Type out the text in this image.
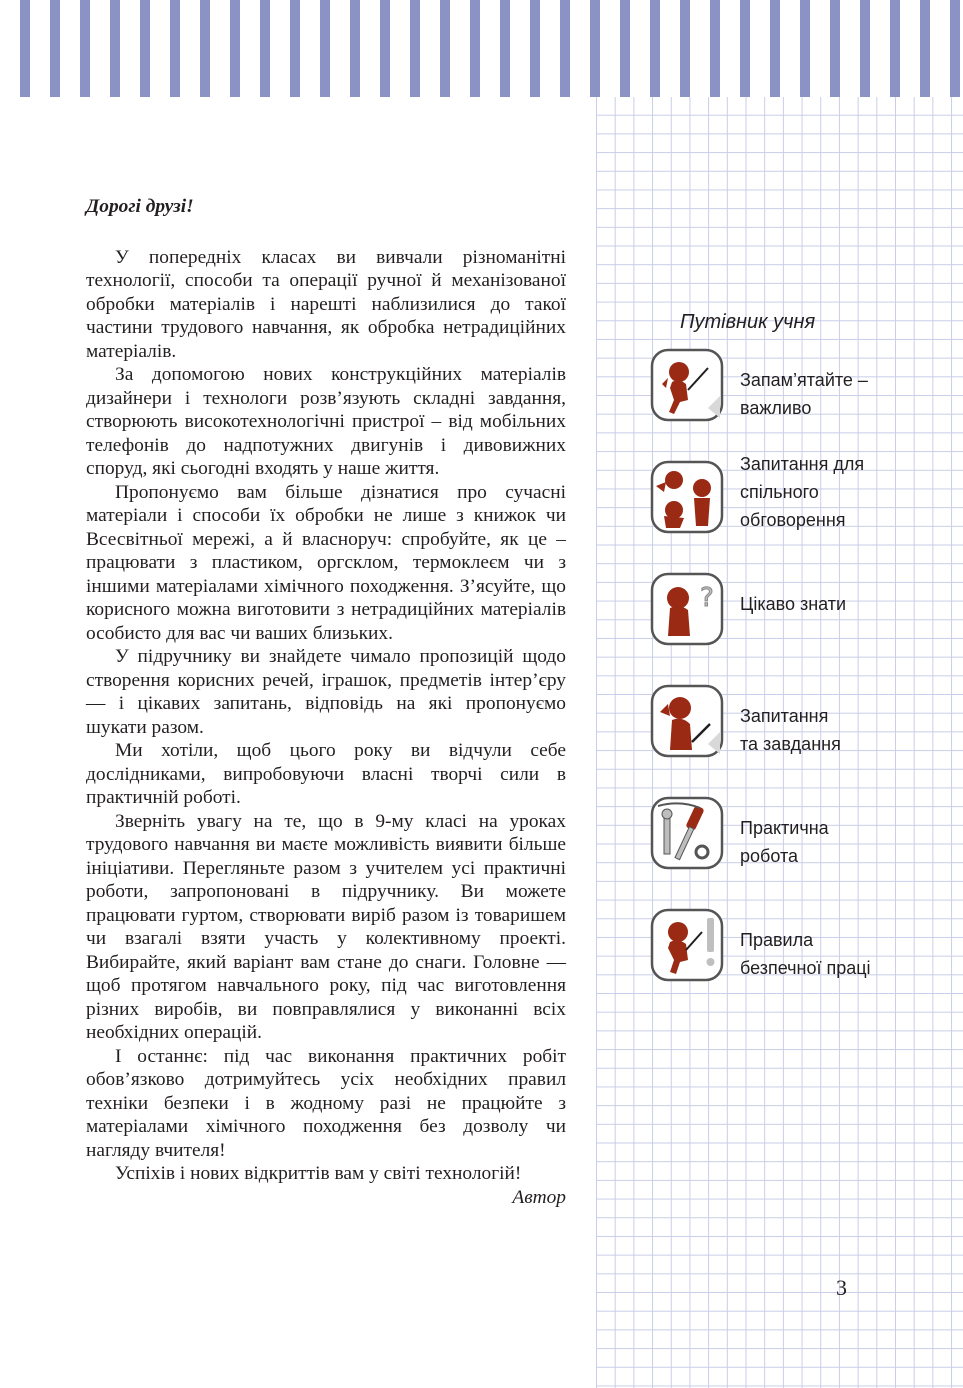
Дорогі друзі!

У попередніх класах ви вивчали різноманітні технології, способи та операції ручної й механізованої обробки матеріалів і нарешті наблизилися до такої частини трудового навчання, як обробка нетрадиційних матеріалів.

За допомогою нових конструкційних матеріалів дизайнери і технологи розв’язують складні завдання, створюють високотехнологічні пристрої – від мобільних телефонів до надпотужних двигунів і дивовижних споруд, які сьогодні входять у наше життя.

Пропонуємо вам більше дізнатися про сучасні матеріали і способи їх обробки не лише з книжок чи Всесвітньої мережі, а й власноруч: спробуйте, як це – працювати з пластиком, оргсклом, термоклеєм чи з іншими матеріалами хімічного походження. З’ясуйте, що корисного можна виготовити з нетрадиційних матеріалів особисто для вас чи ваших близьких.

У підручнику ви знайдете чимало пропозицій щодо створення корисних речей, іграшок, предметів інтер’єру — і цікавих запитань, відповідь на які пропонуємо шукати разом.

Ми хотіли, щоб цього року ви відчули себе дослідниками, випробовуючи власні творчі сили в практичній роботі.

Зверніть увагу на те, що в 9-му класі на уроках трудового навчання ви маєте можливість виявити більше ініціативи. Перегляньте разом з учителем усі практичні роботи, запропоновані в підручнику. Ви можете працювати гуртом, створювати виріб разом із товаришем чи взагалі взяти участь у колективному проекті. Вибирайте, який варіант вам стане до снаги. Головне — щоб протягом навчального року, під час виготовлення різних виробів, ви повправлялися у виконанні всіх необхідних операцій.

І останнє: під час виконання практичних робіт обов’язково дотримуйтесь усіх необхідних правил техніки безпеки і в жодному разі не працюйте з матеріалами хімічного походження без дозволу чи нагляду вчителя!

Успіхів і нових відкриттів вам у світі технологій!

Автор

Путівник учня
Запам’ятайте –
важливо
Запитання для
спільного
обговорення
? Цікаво знати
Запитання
та завдання
Практична
робота
Правила
безпечної праці
3
